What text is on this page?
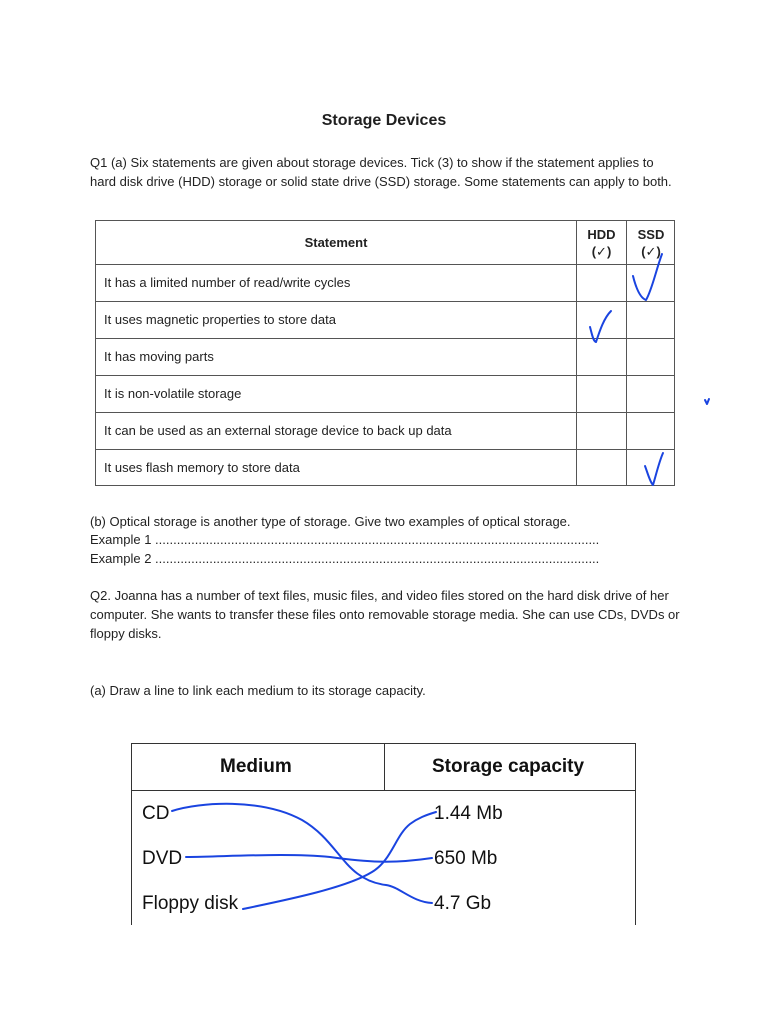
Storage Devices
Q1 (a) Six statements are given about storage devices. Tick (3) to show if the statement applies to hard disk drive (HDD) storage or solid state drive (SSD) storage. Some statements can apply to both.
Statement
HDD
(✓)
SSD
(✓)
It has a limited number of read/write cycles
It uses magnetic properties to store data
It has moving parts
It is non-volatile storage
It can be used as an external storage device to back up data
It uses flash memory to store data
(b) Optical storage is another type of storage. Give two examples of optical storage.
Example 1 ...........................................................................................................................
Example 2 ...........................................................................................................................
Q2. Joanna has a number of text files, music files, and video files stored on the hard disk drive of her computer. She wants to transfer these files onto removable storage media. She can use CDs, DVDs or floppy disks.
(a) Draw a line to link each medium to its storage capacity.
Medium	Storage capacity
CD
DVD
Floppy disk
1.44 Mb
650 Mb
4.7 Gb
